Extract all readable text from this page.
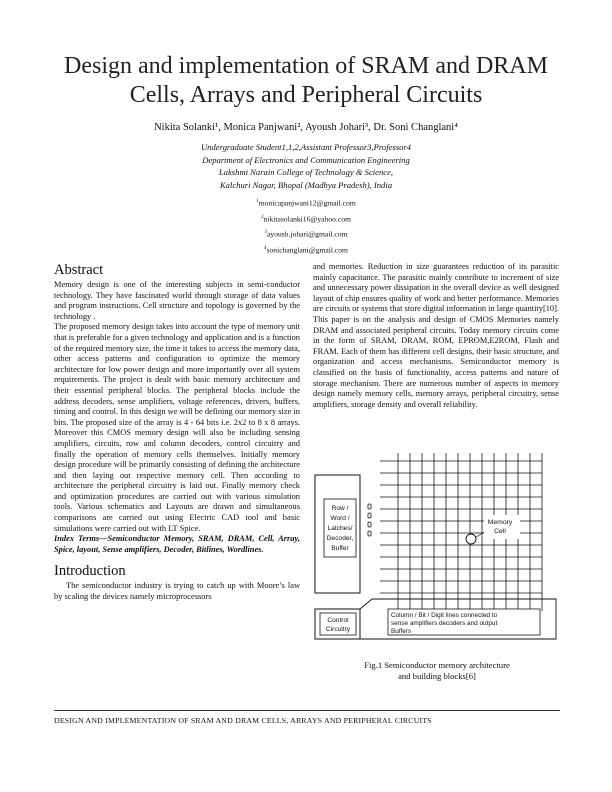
Design and implementation of SRAM and DRAM Cells, Arrays and Peripheral Circuits
Nikita Solanki¹, Monica Panjwani², Ayoush Johari³, Dr. Soni Changlani⁴
Undergraduate Student1,1,2,Assistant Professor3,Professor4
Department of Electronics and Communication Engineering
Lakshmi Narain College of Technology & Science,
Kalchuri Nagar, Bhopal (Madhya Pradesh), India
$^1$monicapanjwani12@gmail.com
$^2$nikitasolanki16@yahoo.com
$^3$ayoush.johari@gmail.com
$^4$sonichanglani@gmail.com
Abstract

Memory design is one of the interesting subjects in semi-conductor technology. They have fascinated world through storage of data values and program instructions. Cell structure and topology is governed by the technology .

The proposed memory design takes into account the type of memory unit that is preferable for a given technology and application and is a function of the required memory size, the time it takes to access the memory data, other access patterns and configuration to optimize the memory architecture for low power design and more importantly over all system requirements. The project is dealt with basic memory architecture and their essential peripheral blocks. The peripheral blocks include the address decoders, sense amplifiers, voltage references, drivers, buffers, timing and control. In this design we will be defining our memory size in bits. The proposed size of the array is 4 - 64 bits i.e. 2x2 to 8 x 8 arrays. Moreover this CMOS memory design will also be including sensing amplifiers, circuits, row and column decoders, control circuitry and finally the operation of memory cells themselves. Initially memory design procedure will be primarily consisting of defining the architecture and then laying out respective memory cell. Then according to architecture the peripheral circuitry is laid out. Finally memory check and optimization procedures are carried out with various simulation tools. Various schematics and Layouts are drawn and simultaneous comparisons are carried out using Electric CAD tool and basic simulations were carried out with LT Spice.

Index Terms—Semiconductor Memory, SRAM, DRAM, Cell, Array, Spice, layout, Sense amplifiers, Decoder, Bitlines, Wordlines.

Introduction

The semiconductor industry is trying to catch up with Moore’s law by scaling the devices namely microprocessors

and memories. Reduction in size guarantees reduction of its parasitic mainly capacitance. The parasitic mainly contribute to increment of size and unnecessary power dissipation in the overall device as well designed layout of chip ensures quality of work and better performance. Memories are circuits or systems that store digital information in large quantity[10]. This paper is on the analysis and design of CMOS Memories namely DRAM and associated peripheral circuits. Today memory circuits come in the form of SRAM, DRAM, ROM, EPROM,E2ROM, Flash and FRAM. Each of them has different cell designs, their basic structure, and organization and access mechanisms. Semiconductor memory is classified on the basis of functionality, access patterns and nature of storage mechanism. There are numerous number of aspects in memory design namely memory cells, memory arrays, peripheral circuitry, sense amplifiers, storage density and overall reliability.

Row /
Word /
Latches/
Decoder,
Buffer
Memory
Cell
Control
Circuitry
Column / Bit / Digit lines connected to
sense amplifiers decoders and output
Buffers
Fig.1 Semiconductor memory architecture
and building blocks[6]
DESIGN AND IMPLEMENTATION OF SRAM AND DRAM CELLS, ARRAYS AND PERIPHERAL CIRCUITS
